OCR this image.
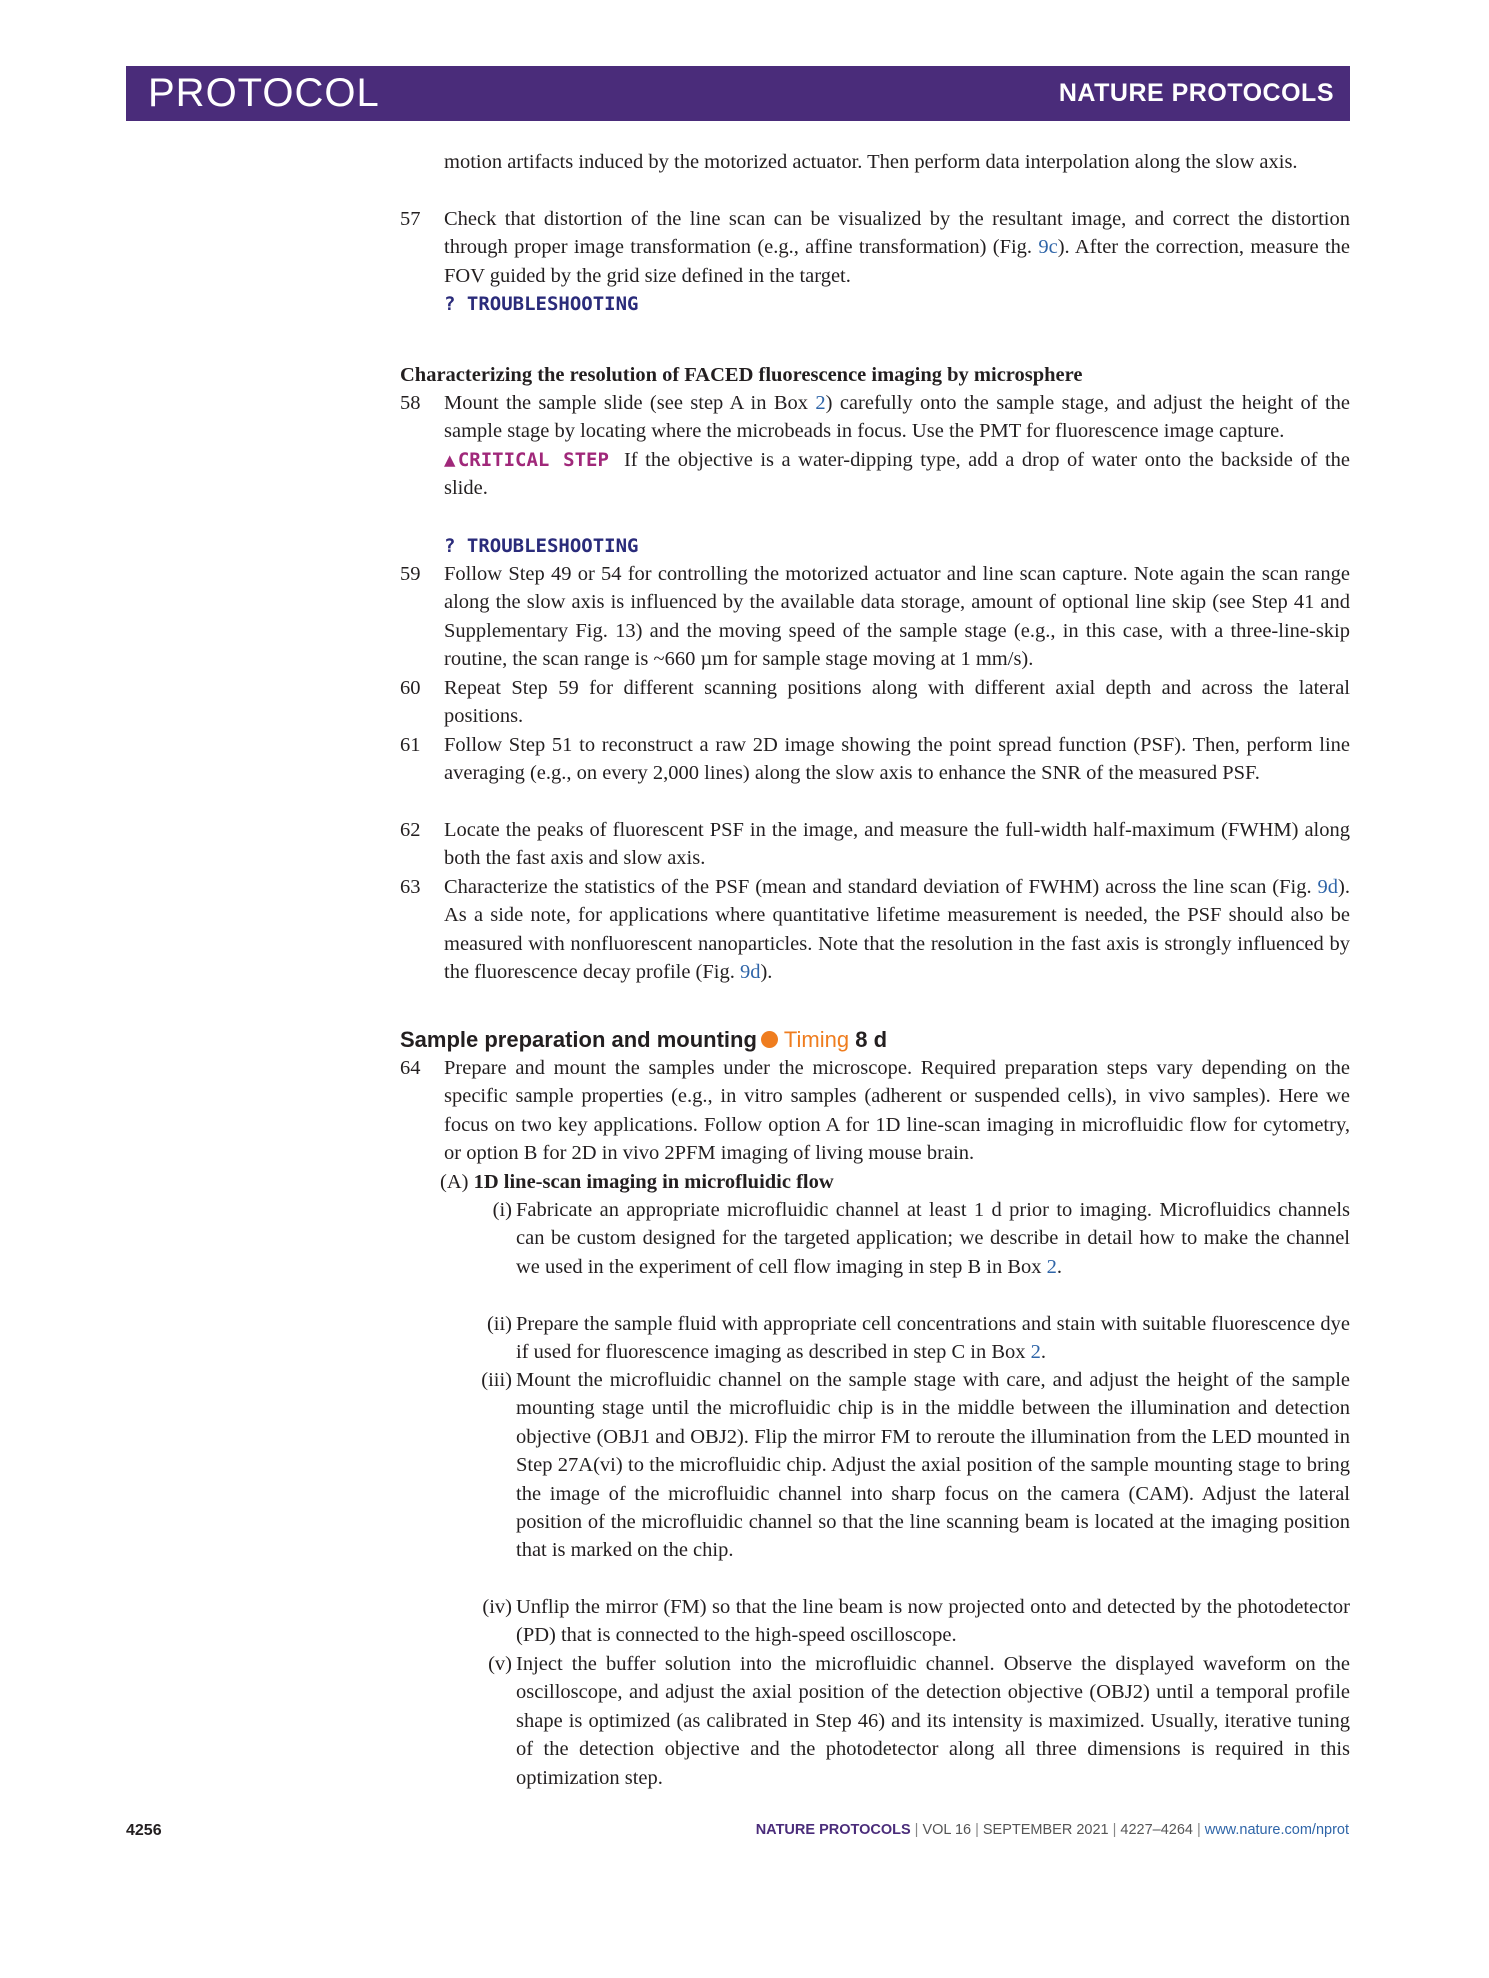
PROTOCOL	NATURE PROTOCOLS

motion artifacts induced by the motorized actuator. Then perform data interpolation along the slow axis.

57 Check that distortion of the line scan can be visualized by the resultant image, and correct the distortion through proper image transformation (e.g., affine transformation) (Fig. 9c). After the correction, measure the FOV guided by the grid size defined in the target.
? TROUBLESHOOTING
Characterizing the resolution of FACED fluorescence imaging by microsphere
58 Mount the sample slide (see step A in Box 2) carefully onto the sample stage, and adjust the height of the sample stage by locating where the microbeads in focus. Use the PMT for fluorescence image capture.
▲CRITICAL STEP If the objective is a water-dipping type, add a drop of water onto the backside of the slide.
? TROUBLESHOOTING
59 Follow Step 49 or 54 for controlling the motorized actuator and line scan capture. Note again the scan range along the slow axis is influenced by the available data storage, amount of optional line skip (see Step 41 and Supplementary Fig. 13) and the moving speed of the sample stage (e.g., in this case, with a three-line-skip routine, the scan range is ~660 µm for sample stage moving at 1 mm/s).
60 Repeat Step 59 for different scanning positions along with different axial depth and across the lateral positions.
61 Follow Step 51 to reconstruct a raw 2D image showing the point spread function (PSF). Then, perform line averaging (e.g., on every 2,000 lines) along the slow axis to enhance the SNR of the measured PSF.
62 Locate the peaks of fluorescent PSF in the image, and measure the full-width half-maximum (FWHM) along both the fast axis and slow axis.
63 Characterize the statistics of the PSF (mean and standard deviation of FWHM) across the line scan (Fig. 9d). As a side note, for applications where quantitative lifetime measurement is needed, the PSF should also be measured with nonfluorescent nanoparticles. Note that the resolution in the fast axis is strongly influenced by the fluorescence decay profile (Fig. 9d).
Sample preparation and mounting Timing 8 d
64 Prepare and mount the samples under the microscope. Required preparation steps vary depending on the specific sample properties (e.g., in vitro samples (adherent or suspended cells), in vivo samples). Here we focus on two key applications. Follow option A for 1D line-scan imaging in microfluidic flow for cytometry, or option B for 2D in vivo 2PFM imaging of living mouse brain.
(A) 1D line-scan imaging in microfluidic flow
(i) Fabricate an appropriate microfluidic channel at least 1 d prior to imaging. Microfluidics channels can be custom designed for the targeted application; we describe in detail how to make the channel we used in the experiment of cell flow imaging in step B in Box 2.
(ii) Prepare the sample fluid with appropriate cell concentrations and stain with suitable fluorescence dye if used for fluorescence imaging as described in step C in Box 2.
(iii) Mount the microfluidic channel on the sample stage with care, and adjust the height of the sample mounting stage until the microfluidic chip is in the middle between the illumination and detection objective (OBJ1 and OBJ2). Flip the mirror FM to reroute the illumination from the LED mounted in Step 27A(vi) to the microfluidic chip. Adjust the axial position of the sample mounting stage to bring the image of the microfluidic channel into sharp focus on the camera (CAM). Adjust the lateral position of the microfluidic channel so that the line scanning beam is located at the imaging position that is marked on the chip.
(iv) Unflip the mirror (FM) so that the line beam is now projected onto and detected by the photodetector (PD) that is connected to the high-speed oscilloscope.
(v) Inject the buffer solution into the microfluidic channel. Observe the displayed waveform on the oscilloscope, and adjust the axial position of the detection objective (OBJ2) until a temporal profile shape is optimized (as calibrated in Step 46) and its intensity is maximized. Usually, iterative tuning of the detection objective and the photodetector along all three dimensions is required in this optimization step.
4256	NATURE PROTOCOLS | VOL 16 | SEPTEMBER 2021 | 4227–4264 | www.nature.com/nprot
